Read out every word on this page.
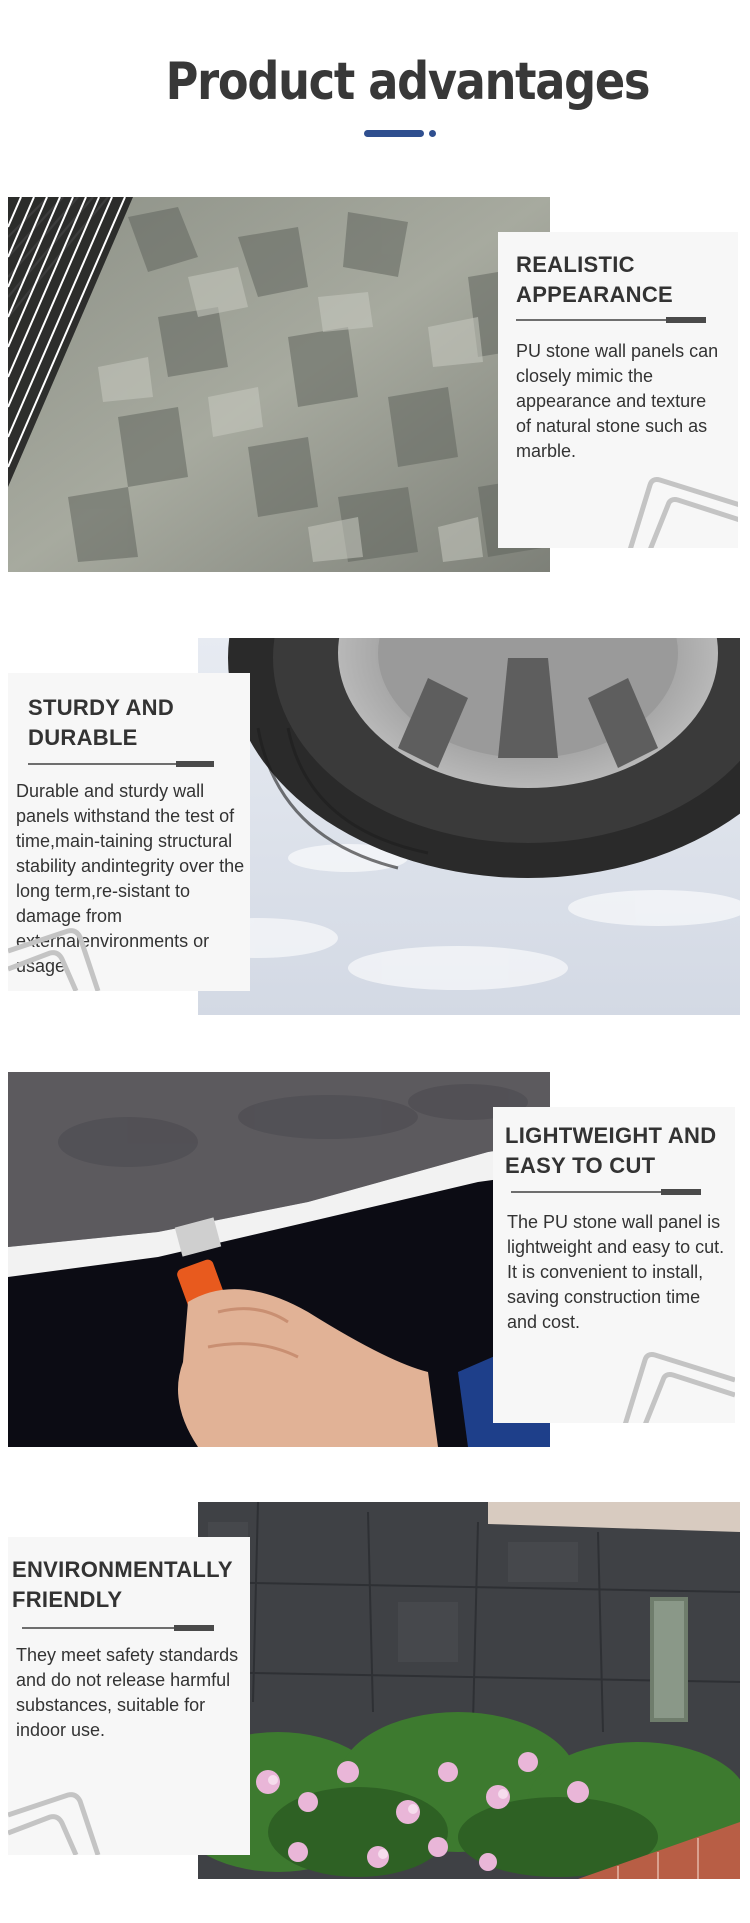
Product advantages
REALISTIC APPEARANCE
PU stone wall panels can closely mimic the appearance and texture of natural stone such as marble.
STURDY AND DURABLE
Durable and sturdy wall panels withstand the test of time,main-taining structural stability andintegrity over the long term,re-sistant to damage from externalenvironments or usage.
LIGHTWEIGHT AND EASY TO CUT
The PU stone wall panel is lightweight and easy to cut. It is convenient to install, saving construction time and cost.
ENVIRONMENTALLY FRIENDLY
They meet safety standards and do not release harmful substances, suitable for indoor use.
